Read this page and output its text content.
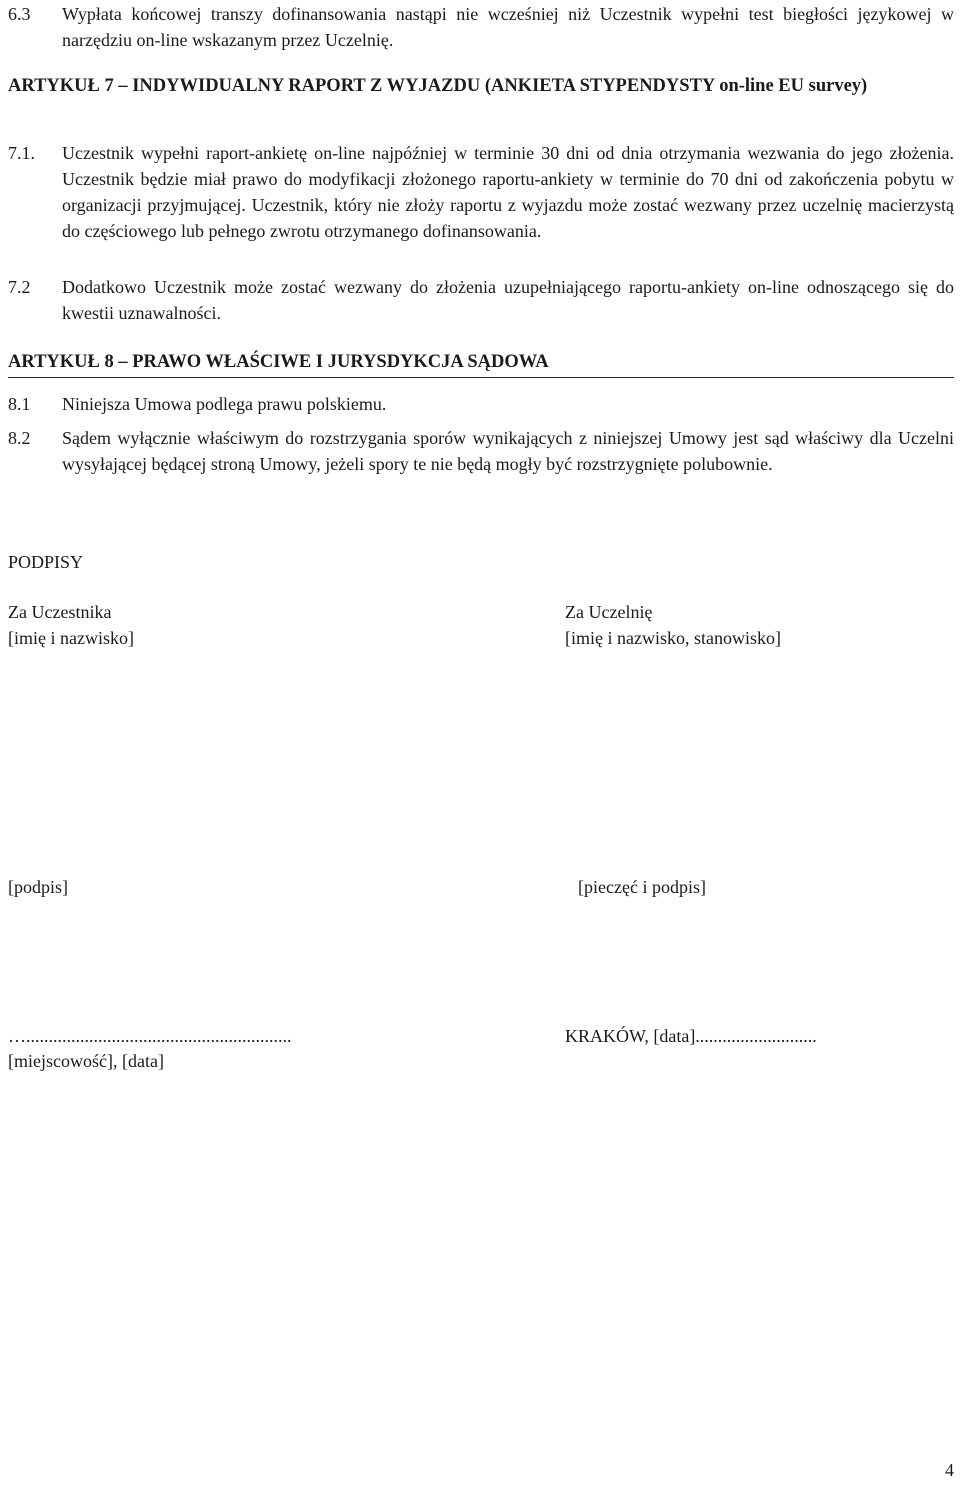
6.3 Wypłata końcowej transzy dofinansowania nastąpi nie wcześniej niż Uczestnik wypełni test biegłości językowej w narzędziu on-line wskazanym przez Uczelnię.
ARTYKUŁ 7 – INDYWIDUALNY RAPORT Z WYJAZDU (ANKIETA STYPENDYSTY on-line EU survey)
7.1. Uczestnik wypełni raport-ankietę on-line najpóźniej w terminie 30 dni od dnia otrzymania wezwania do jego złożenia. Uczestnik będzie miał prawo do modyfikacji złożonego raportu-ankiety w terminie do 70 dni od zakończenia pobytu w organizacji przyjmującej. Uczestnik, który nie złoży raportu z wyjazdu może zostać wezwany przez uczelnię macierzystą do częściowego lub pełnego zwrotu otrzymanego dofinansowania.
7.2 Dodatkowo Uczestnik może zostać wezwany do złożenia uzupełniającego raportu-ankiety on-line odnoszącego się do kwestii uznawalności.
ARTYKUŁ 8 – PRAWO WŁAŚCIWE I JURYSDYKCJA SĄDOWA
8.1 Niniejsza Umowa podlega prawu polskiemu.
8.2 Sądem wyłącznie właściwym do rozstrzygania sporów wynikających z niniejszej Umowy jest sąd właściwy dla Uczelni wysyłającej będącej stroną Umowy, jeżeli spory te nie będą mogły być rozstrzygnięte polubownie.
PODPISY
Za Uczestnika
[imię i nazwisko]
Za Uczelnię
[imię i nazwisko, stanowisko]
[podpis]	[pieczęć i podpis]
…...........................................................
[miejscowość], [data]
KRAKÓW, [data]...........................
4
